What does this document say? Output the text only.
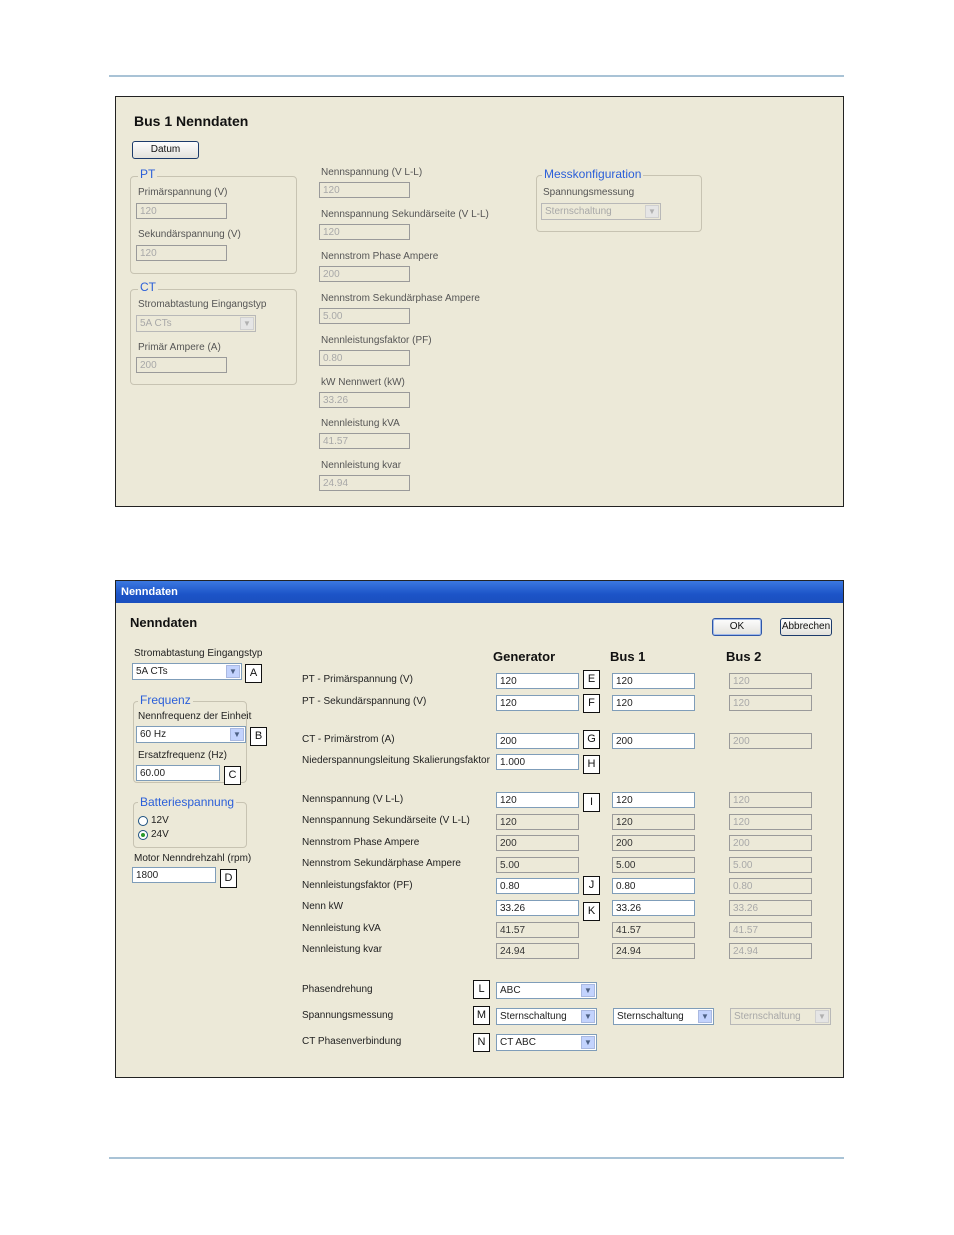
Bus 1 Nenndaten
Datum
PT
Primärspannung (V)
120
Sekundärspannung (V)
120
CT
Stromabtastung Eingangstyp
5A CTs	▼
Primär Ampere (A)
200
Nennspannung (V L-L)
120
Nennspannung Sekundärseite (V L-L)
120
Nennstrom Phase Ampere
200
Nennstrom Sekundärphase Ampere
5.00
Nennleistungsfaktor (PF)
0.80
kW Nennwert (kW)
33.26
Nennleistung kVA
41.57
Nennleistung kvar
24.94
Messkonfiguration
Spannungsmessung
Sternschaltung	▼
Nenndaten
Nenndaten	OK	Abbrechen
Stromabtastung Eingangstyp
5A CTs	▼	A
Frequenz
Nennfrequenz der Einheit
60 Hz	▼	B
Ersatzfrequenz (Hz)
60.00	C
Batteriespannung
12V
24V
Motor Nenndrehzahl (rpm)
1800	D
Generator	Bus 1	Bus 2
PT - Primärspannung (V)	120	E	120	120
PT - Sekundärspannung (V)	120	F	120	120
CT - Primärstrom (A)	200	G	200	200
Niederspannungsleitung Skalierungsfaktor	1.000	H
Nennspannung (V L-L)	120	I	120	120
Nennspannung Sekundärseite (V L-L)	120	120	120
Nennstrom Phase Ampere	200	200	200
Nennstrom Sekundärphase Ampere	5.00	5.00	5.00
Nennleistungsfaktor (PF)	0.80	J	0.80	0.80
Nenn kW	33.26	K	33.26	33.26
Nennleistung kVA	41.57	41.57	41.57
Nennleistung kvar	24.94	24.94	24.94
Phasendrehung	L	ABC	▼
Spannungsmessung	M	Sternschaltung	▼	Sternschaltung	▼	Sternschaltung	▼
CT Phasenverbindung	N	CT ABC	▼
